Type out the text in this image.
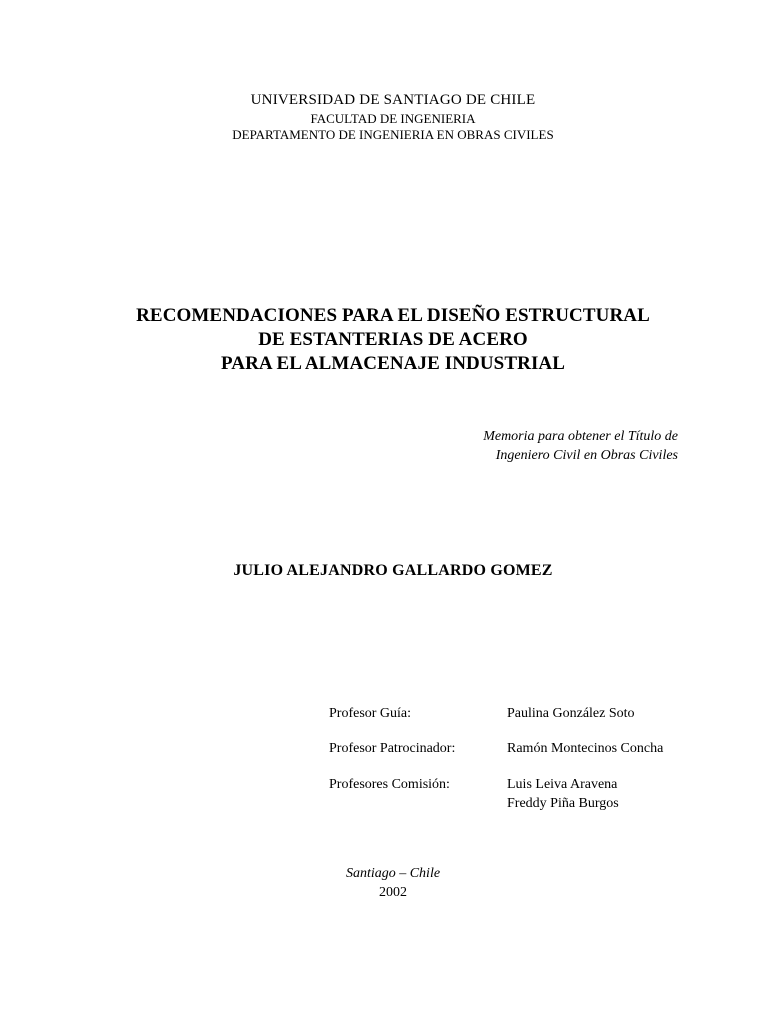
UNIVERSIDAD DE SANTIAGO DE CHILE
FACULTAD DE INGENIERIA
DEPARTAMENTO DE INGENIERIA EN OBRAS CIVILES
RECOMENDACIONES PARA EL DISEÑO ESTRUCTURAL
DE ESTANTERIAS DE ACERO
PARA EL ALMACENAJE INDUSTRIAL
Memoria para obtener el Título de
Ingeniero Civil en Obras Civiles
JULIO ALEJANDRO GALLARDO GOMEZ
Profesor Guía:	Paulina González Soto
Profesor Patrocinador:	Ramón Montecinos Concha
Profesores Comisión:	Luis Leiva Aravena
Freddy Piña Burgos
Santiago – Chile
2002
